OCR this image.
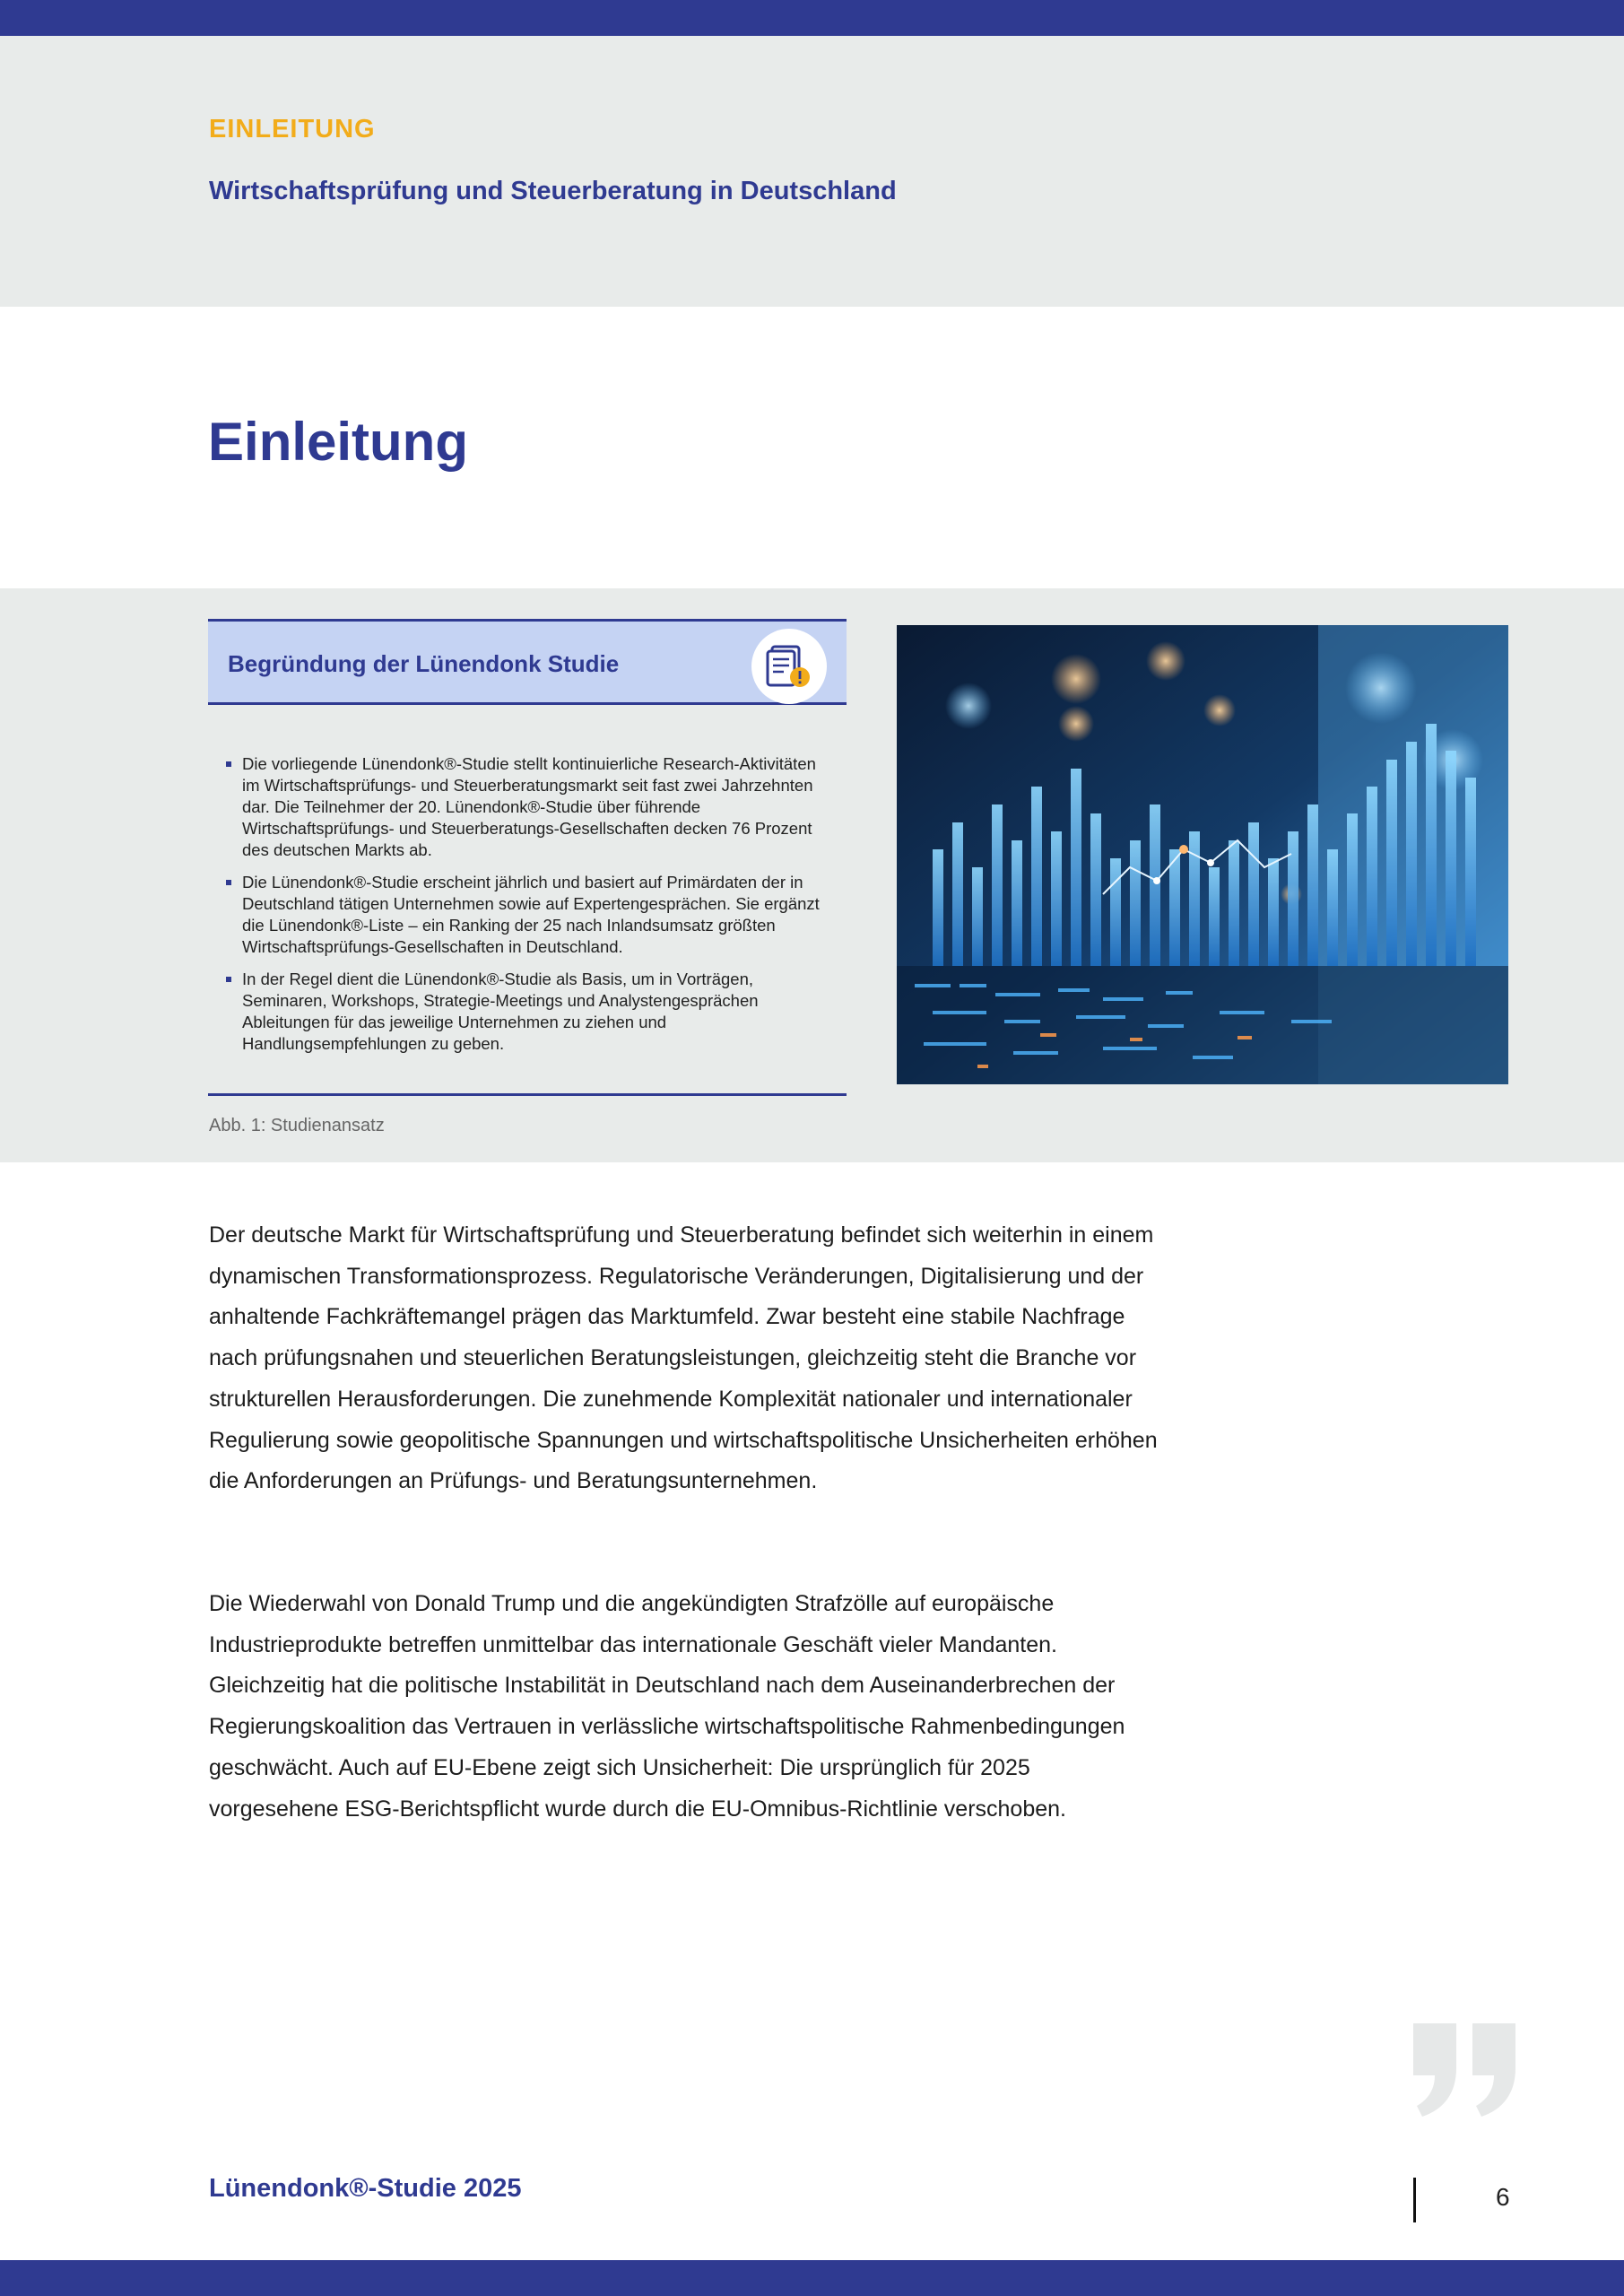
EINLEITUNG
Wirtschaftsprüfung und Steuerberatung in Deutschland
Einleitung
Begründung der Lünendonk Studie
Die vorliegende Lünendonk®-Studie stellt kontinuierliche Research-Aktivitäten im Wirtschaftsprüfungs- und Steuerberatungsmarkt seit fast zwei Jahrzehnten dar. Die Teilnehmer der 20. Lünendonk®-Studie über führende Wirtschaftsprüfungs- und Steuerberatungs-Gesellschaften decken 76 Prozent des deutschen Markts ab.
Die Lünendonk®-Studie erscheint jährlich und basiert auf Primärdaten der in Deutschland tätigen Unternehmen sowie auf Expertengesprächen. Sie ergänzt die Lünendonk®-Liste – ein Ranking der 25 nach Inlandsumsatz größten Wirtschaftsprüfungs-Gesellschaften in Deutschland.
In der Regel dient die Lünendonk®-Studie als Basis, um in Vorträgen, Seminaren, Workshops, Strategie-Meetings und Analystengesprächen Ableitungen für das jeweilige Unternehmen zu ziehen und Handlungsempfehlungen zu geben.
Abb. 1: Studienansatz

Der deutsche Markt für Wirtschaftsprüfung und Steuerberatung befindet sich weiterhin in einem dynamischen Transformationsprozess. Regulatorische Veränderungen, Digitalisierung und der anhaltende Fachkräftemangel prägen das Marktumfeld. Zwar besteht eine stabile Nachfrage nach prüfungsnahen und steuerlichen Beratungsleistungen, gleichzeitig steht die Branche vor strukturellen Herausforderungen. Die zunehmende Komplexität nationaler und internationaler Regulierung sowie geopolitische Spannungen und wirtschaftspolitische Unsicherheiten erhöhen die Anforderungen an Prüfungs- und Beratungsunternehmen.

Die Wiederwahl von Donald Trump und die angekündigten Strafzölle auf europäische Industrieprodukte betreffen unmittelbar das internationale Geschäft vieler Mandanten. Gleichzeitig hat die politische Instabilität in Deutschland nach dem Auseinanderbrechen der Regierungskoalition das Vertrauen in verlässliche wirtschaftspolitische Rahmenbedingungen geschwächt. Auch auf EU-Ebene zeigt sich Unsicherheit: Die ursprünglich für 2025 vorgesehene ESG-Berichtspflicht wurde durch die EU-Omnibus-Richtlinie verschoben.

Lünendonk®-Studie 2025	6
